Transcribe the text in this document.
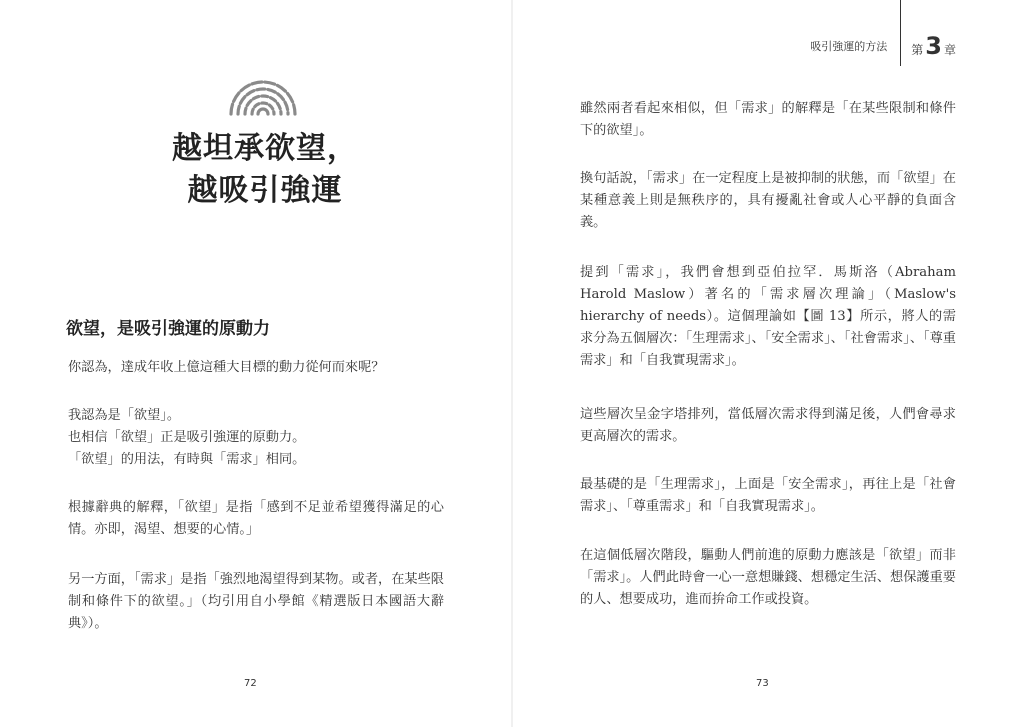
吸引強運的方法 第 3 章
越坦承欲望，
越吸引強運
欲望，是吸引強運的原動力

你認為，達成年收上億這種大目標的動力從何而來呢？

我認為是「欲望」。

也相信「欲望」正是吸引強運的原動力。

「欲望」的用法，有時與「需求」相同。

根據辭典的解釋，「欲望」是指「感到不足並希望獲得滿足的心情。亦即，渴望、想要的心情。」

另一方面，「需求」是指「強烈地渴望得到某物。或者，在某些限制和條件下的欲望。」（均引用自小學館《精選版日本國語大辭典》）。

72

雖然兩者看起來相似，但「需求」的解釋是「在某些限制和條件下的欲望」。

換句話說，「需求」在一定程度上是被抑制的狀態，而「欲望」在某種意義上則是無秩序的，具有擾亂社會或人心平靜的負面含義。

提到「需求」，我們會想到亞伯拉罕．馬斯洛（Abraham Harold Maslow）著名的「需求層次理論」（Maslow's hierarchy of needs）。這個理論如【圖 13】所示，將人的需求分為五個層次：「生理需求」、「安全需求」、「社會需求」、「尊重需求」和「自我實現需求」。

這些層次呈金字塔排列，當低層次需求得到滿足後，人們會尋求更高層次的需求。

最基礎的是「生理需求」，上面是「安全需求」，再往上是「社會需求」、「尊重需求」和「自我實現需求」。

在這個低層次階段，驅動人們前進的原動力應該是「欲望」而非「需求」。人們此時會一心一意想賺錢、想穩定生活、想保護重要的人、想要成功，進而拚命工作或投資。

73
